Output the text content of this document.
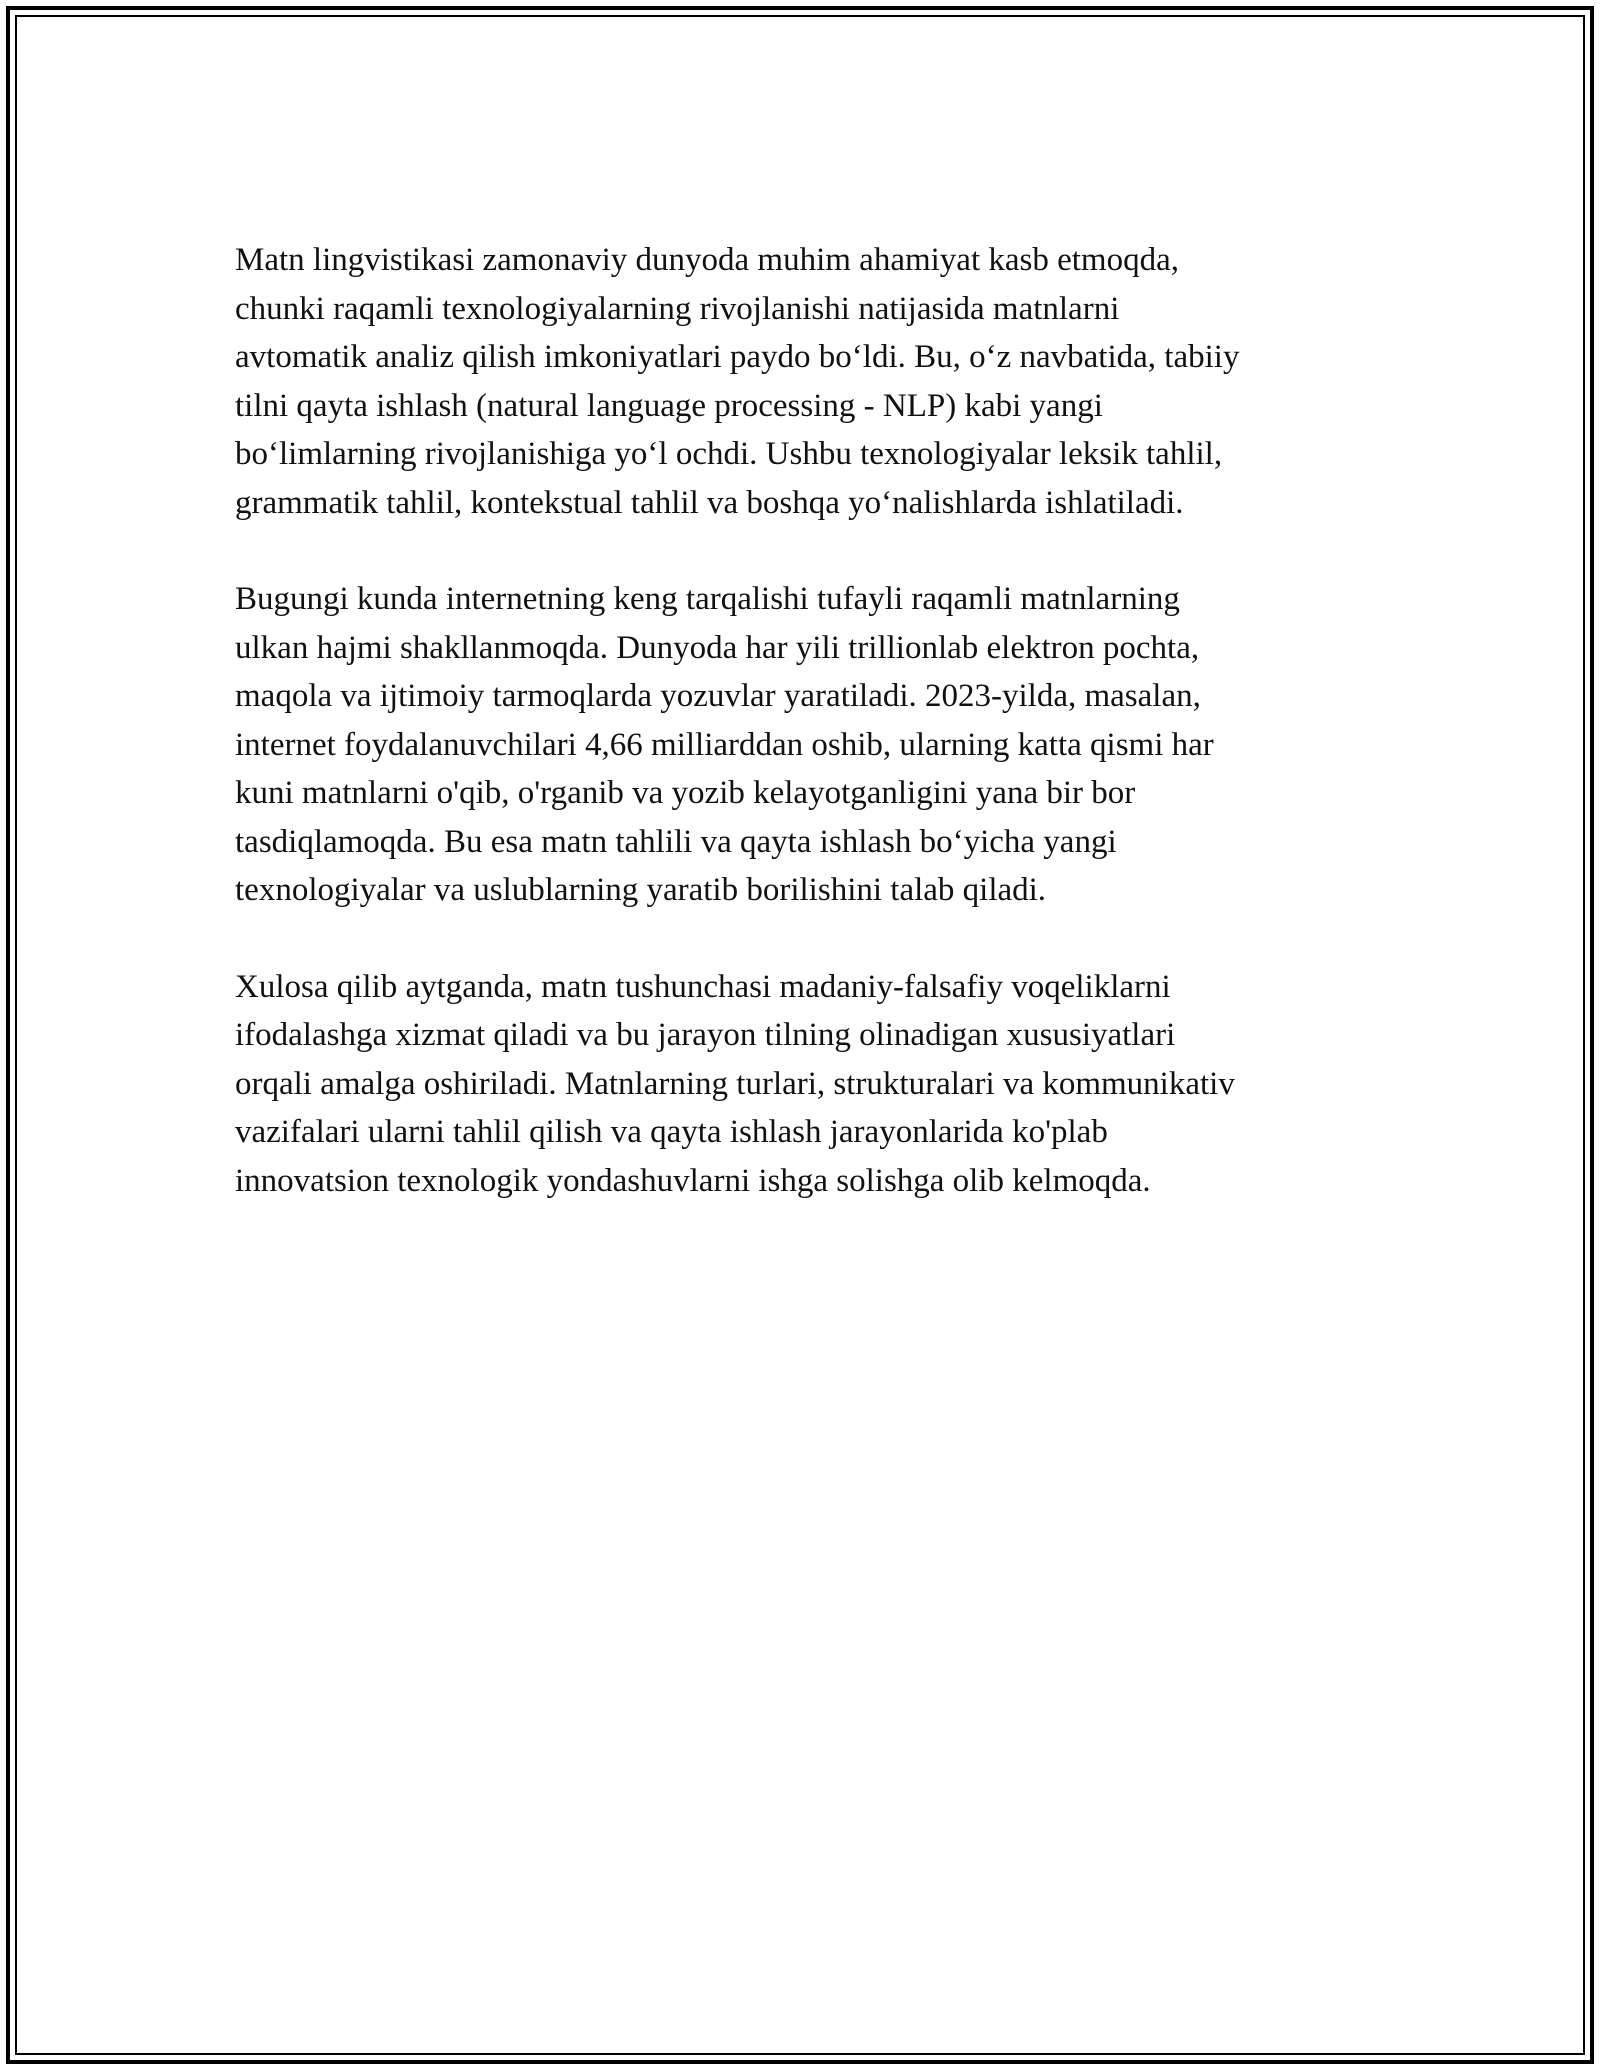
Matn lingvistikasi zamonaviy dunyoda muhim ahamiyat kasb etmoqda,
chunki raqamli texnologiyalarning rivojlanishi natijasida matnlarni
avtomatik analiz qilish imkoniyatlari paydo bo‘ldi. Bu, o‘z navbatida, tabiiy
tilni qayta ishlash (natural language processing - NLP) kabi yangi
bo‘limlarning rivojlanishiga yo‘l ochdi. Ushbu texnologiyalar leksik tahlil,
grammatik tahlil, kontekstual tahlil va boshqa yo‘nalishlarda ishlatiladi.

Bugungi kunda internetning keng tarqalishi tufayli raqamli matnlarning
ulkan hajmi shakllanmoqda. Dunyoda har yili trillionlab elektron pochta,
maqola va ijtimoiy tarmoqlarda yozuvlar yaratiladi. 2023-yilda, masalan,
internet foydalanuvchilari 4,66 milliarddan oshib, ularning katta qismi har
kuni matnlarni o'qib, o'rganib va yozib kelayotganligini yana bir bor
tasdiqlamoqda. Bu esa matn tahlili va qayta ishlash bo‘yicha yangi
texnologiyalar va uslublarning yaratib borilishini talab qiladi.

Xulosa qilib aytganda, matn tushunchasi madaniy-falsafiy voqeliklarni
ifodalashga xizmat qiladi va bu jarayon tilning olinadigan xususiyatlari
orqali amalga oshiriladi. Matnlarning turlari, strukturalari va kommunikativ
vazifalari ularni tahlil qilish va qayta ishlash jarayonlarida ko'plab
innovatsion texnologik yondashuvlarni ishga solishga olib kelmoqda.
